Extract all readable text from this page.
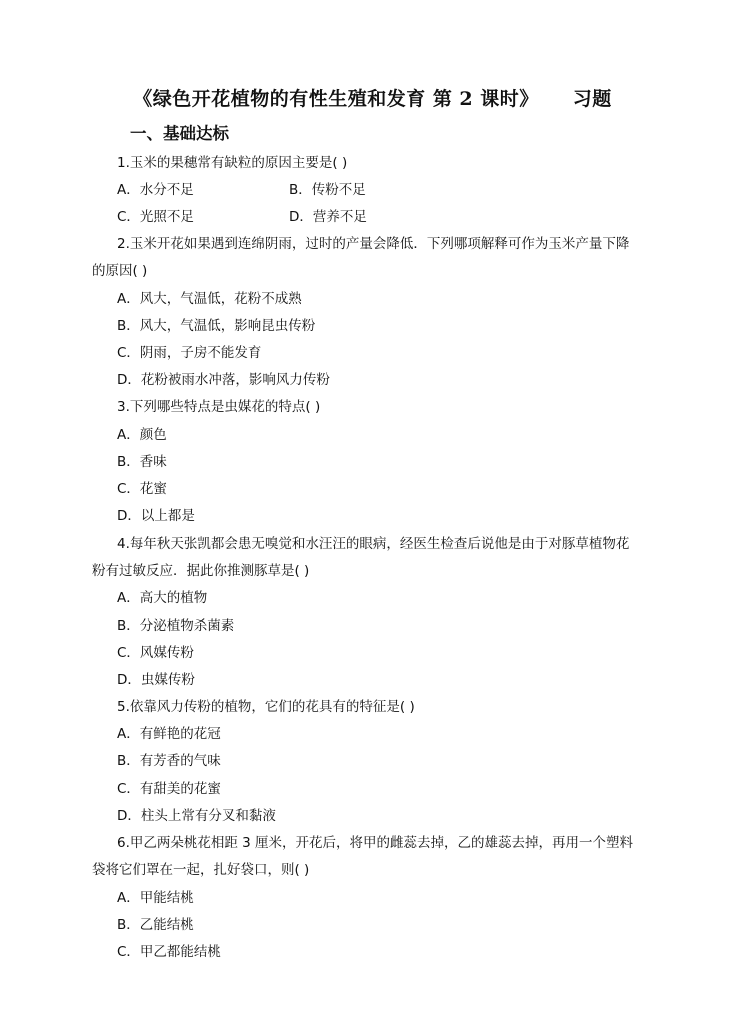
《绿色开花植物的有性生殖和发育 第 2 课时》 习题
一、基础达标
1.玉米的果穗常有缺粒的原因主要是( )
A．水分不足	B．传粉不足
C．光照不足	D．营养不足
2.玉米开花如果遇到连绵阴雨，过时的产量会降低．下列哪项解释可作为玉米产量下降
的原因( )
A．风大，气温低，花粉不成熟
B．风大，气温低，影响昆虫传粉
C．阴雨，子房不能发育
D．花粉被雨水冲落，影响风力传粉
3.下列哪些特点是虫媒花的特点( )
A．颜色
B．香味
C．花蜜
D．以上都是
4.每年秋天张凯都会患无嗅觉和水汪汪的眼病，经医生检查后说他是由于对豚草植物花
粉有过敏反应．据此你推测豚草是( )
A．高大的植物
B．分泌植物杀菌素
C．风媒传粉
D．虫媒传粉
5.依靠风力传粉的植物，它们的花具有的特征是( )
A．有鲜艳的花冠
B．有芳香的气味
C．有甜美的花蜜
D．柱头上常有分叉和黏液
6.甲乙两朵桃花相距 3 厘米，开花后，将甲的雌蕊去掉，乙的雄蕊去掉，再用一个塑料
袋将它们罩在一起，扎好袋口，则( )
A．甲能结桃
B．乙能结桃
C．甲乙都能结桃
